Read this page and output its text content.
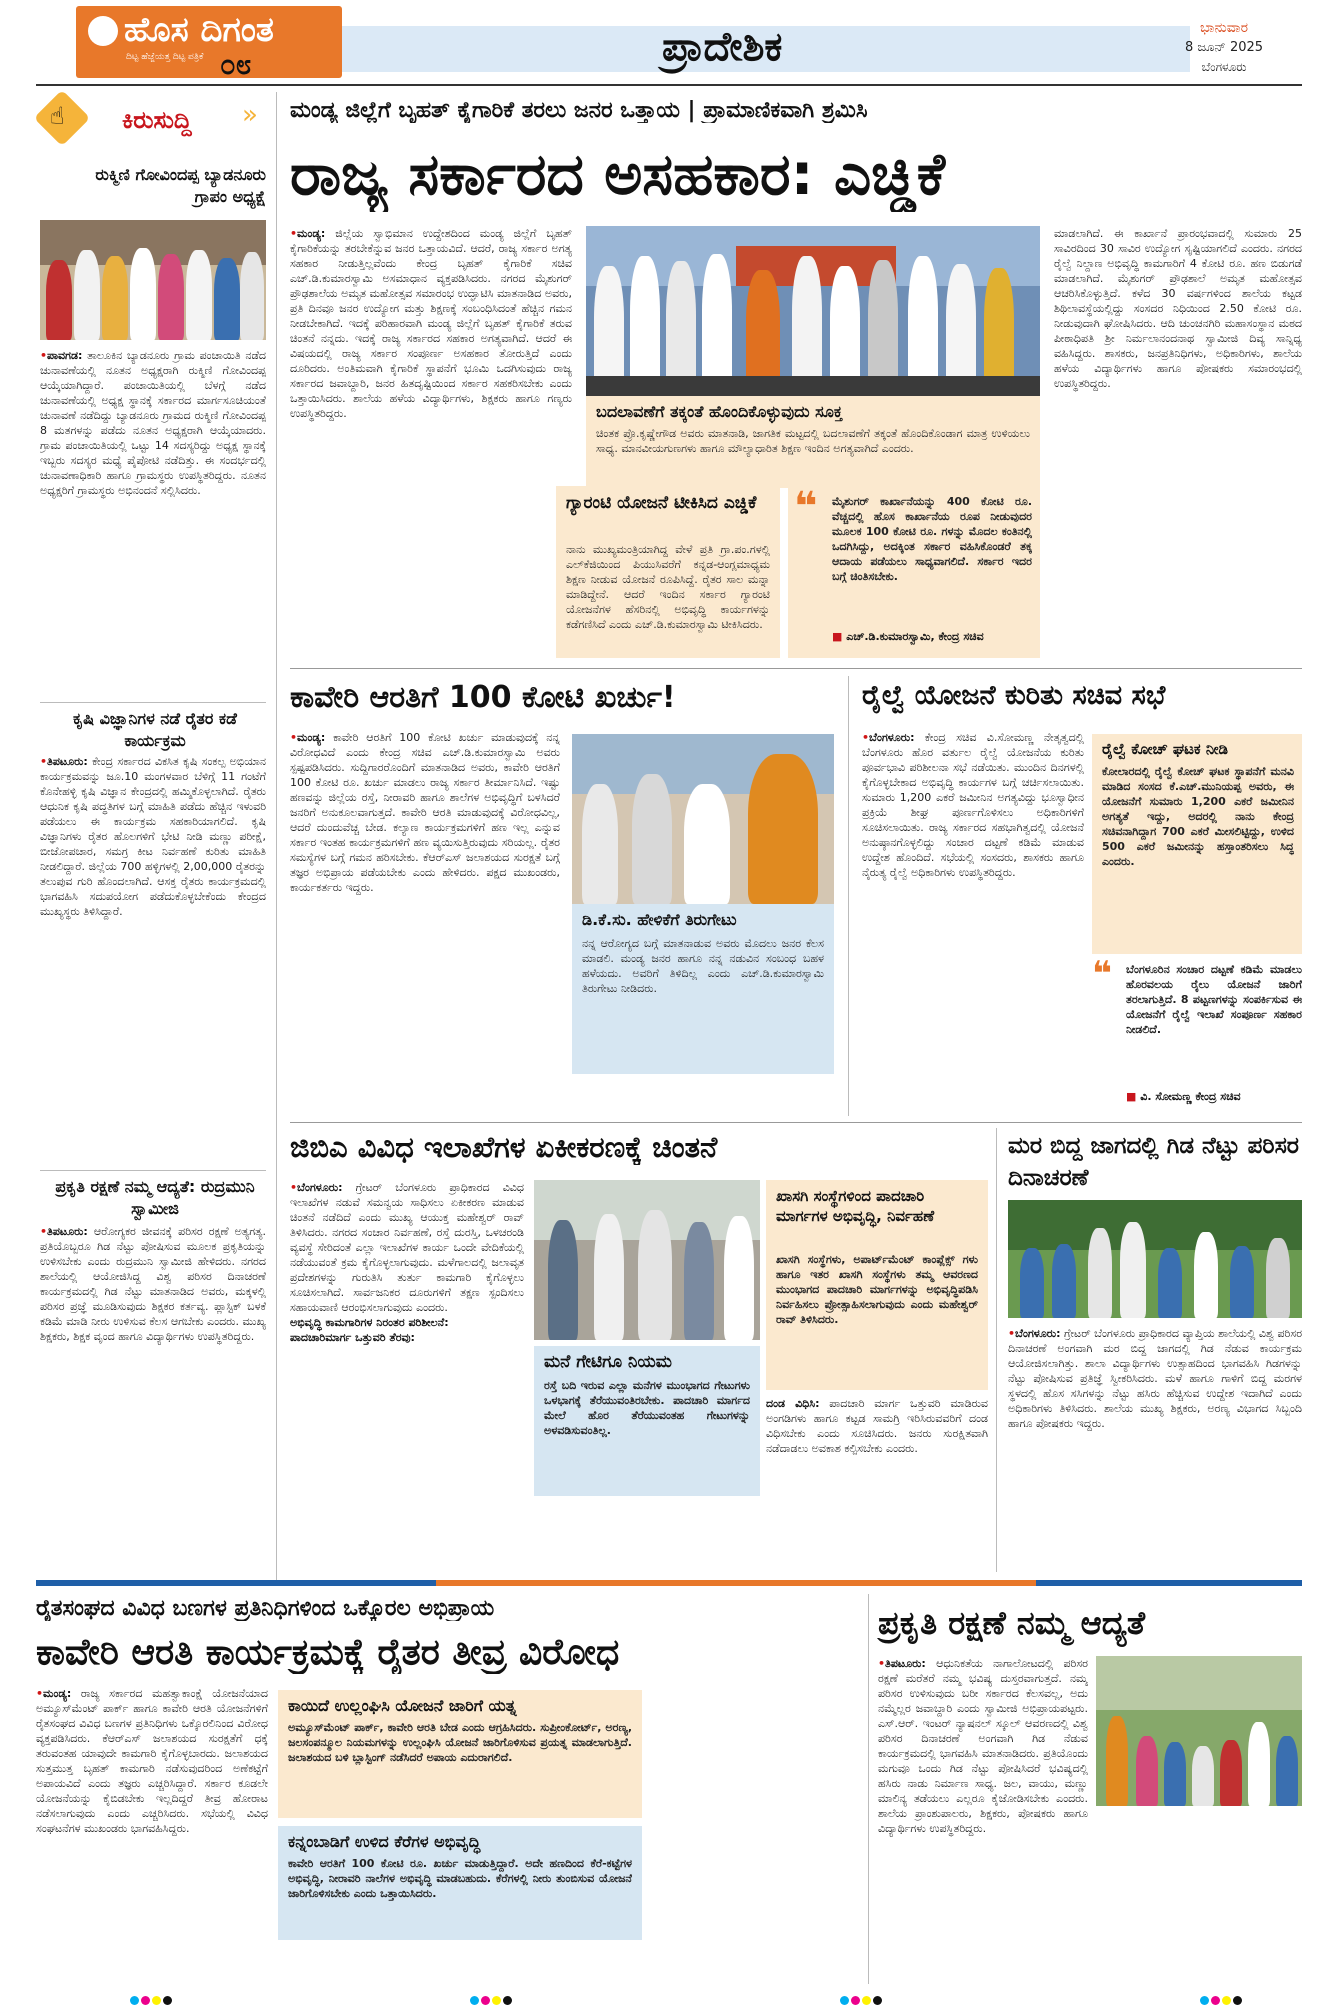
ಹೊಸ ದಿಗಂತ
ದಿಟ್ಟ ಹೆಜ್ಜೆಯತ್ತ ದಿಟ್ಟ ಪತ್ರಿಕೆ ೦೮	ಪ್ರಾದೇಶಿಕ	ಭಾನುವಾರ
8 ಜೂನ್ 2025
ಬೆಂಗಳೂರು
☝ ಕಿರುಸುದ್ದಿ »
ರುಕ್ಮಿಣಿ ಗೋವಿಂದಪ್ಪ ಬ್ಯಾಡನೂರು ಗ್ರಾಪಂ ಅಧ್ಯಕ್ಷೆ
•ಪಾವಗಡ: ತಾಲೂಕಿನ ಬ್ಯಾಡನೂರು ಗ್ರಾಮ ಪಂಚಾಯಿತಿ ನಡೆದ ಚುನಾವಣೆಯಲ್ಲಿ ನೂತನ ಅಧ್ಯಕ್ಷರಾಗಿ ರುಕ್ಮಿಣಿ ಗೋವಿಂದಪ್ಪ ಆಯ್ಕೆಯಾಗಿದ್ದಾರೆ. ಪಂಚಾಯಿತಿಯಲ್ಲಿ ಬೆಳಗ್ಗೆ ನಡೆದ ಚುನಾವಣೆಯಲ್ಲಿ ಅಧ್ಯಕ್ಷ ಸ್ಥಾನಕ್ಕೆ ಸರ್ಕಾರದ ಮಾರ್ಗಸೂಚಿಯಂತೆ ಚುನಾವಣೆ ನಡೆದಿದ್ದು ಬ್ಯಾಡನೂರು ಗ್ರಾಮದ ರುಕ್ಮಿಣಿ ಗೋವಿಂದಪ್ಪ 8 ಮತಗಳನ್ನು ಪಡೆದು ನೂತನ ಅಧ್ಯಕ್ಷರಾಗಿ ಆಯ್ಕೆಯಾದರು. ಗ್ರಾಮ ಪಂಚಾಯಿತಿಯಲ್ಲಿ ಒಟ್ಟು 14 ಸದಸ್ಯರಿದ್ದು ಅಧ್ಯಕ್ಷ ಸ್ಥಾನಕ್ಕೆ ಇಬ್ಬರು ಸದಸ್ಯರ ಮಧ್ಯೆ ಪೈಪೋಟಿ ನಡೆದಿತ್ತು. ಈ ಸಂದರ್ಭದಲ್ಲಿ ಚುನಾವಣಾಧಿಕಾರಿ ಹಾಗೂ ಗ್ರಾಮಸ್ಥರು ಉಪಸ್ಥಿತರಿದ್ದರು. ನೂತನ ಅಧ್ಯಕ್ಷರಿಗೆ ಗ್ರಾಮಸ್ಥರು ಅಭಿನಂದನೆ ಸಲ್ಲಿಸಿದರು.
ಕೃಷಿ ವಿಜ್ಞಾನಿಗಳ ನಡೆ ರೈತರ ಕಡೆ ಕಾರ್ಯಕ್ರಮ
•ತಿಪಟೂರು: ಕೇಂದ್ರ ಸರ್ಕಾರದ ವಿಕಸಿತ ಕೃಷಿ ಸಂಕಲ್ಪ ಅಭಿಯಾನ ಕಾರ್ಯಕ್ರಮವನ್ನು ಜೂ.10 ಮಂಗಳವಾರ ಬೆಳಿಗ್ಗೆ 11 ಗಂಟೆಗೆ ಕೊನೇಹಳ್ಳಿ ಕೃಷಿ ವಿಜ್ಞಾನ ಕೇಂದ್ರದಲ್ಲಿ ಹಮ್ಮಿಕೊಳ್ಳಲಾಗಿದೆ. ರೈತರು ಆಧುನಿಕ ಕೃಷಿ ಪದ್ಧತಿಗಳ ಬಗ್ಗೆ ಮಾಹಿತಿ ಪಡೆದು ಹೆಚ್ಚಿನ ಇಳುವರಿ ಪಡೆಯಲು ಈ ಕಾರ್ಯಕ್ರಮ ಸಹಕಾರಿಯಾಗಲಿದೆ. ಕೃಷಿ ವಿಜ್ಞಾನಿಗಳು ರೈತರ ಹೊಲಗಳಿಗೆ ಭೇಟಿ ನೀಡಿ ಮಣ್ಣು ಪರೀಕ್ಷೆ, ಬೀಜೋಪಚಾರ, ಸಮಗ್ರ ಕೀಟ ನಿರ್ವಹಣೆ ಕುರಿತು ಮಾಹಿತಿ ನೀಡಲಿದ್ದಾರೆ. ಜಿಲ್ಲೆಯ 700 ಹಳ್ಳಿಗಳಲ್ಲಿ 2,00,000 ರೈತರನ್ನು ತಲುಪುವ ಗುರಿ ಹೊಂದಲಾಗಿದೆ. ಆಸಕ್ತ ರೈತರು ಕಾರ್ಯಕ್ರಮದಲ್ಲಿ ಭಾಗವಹಿಸಿ ಸದುಪಯೋಗ ಪಡೆದುಕೊಳ್ಳಬೇಕೆಂದು ಕೇಂದ್ರದ ಮುಖ್ಯಸ್ಥರು ತಿಳಿಸಿದ್ದಾರೆ.
ಪ್ರಕೃತಿ ರಕ್ಷಣೆ ನಮ್ಮ ಆದ್ಯತೆ: ರುದ್ರಮುನಿ ಸ್ವಾಮೀಜಿ
•ತಿಪಟೂರು: ಆರೋಗ್ಯಕರ ಜೀವನಕ್ಕೆ ಪರಿಸರ ರಕ್ಷಣೆ ಅತ್ಯಗತ್ಯ. ಪ್ರತಿಯೊಬ್ಬರೂ ಗಿಡ ನೆಟ್ಟು ಪೋಷಿಸುವ ಮೂಲಕ ಪ್ರಕೃತಿಯನ್ನು ಉಳಿಸಬೇಕು ಎಂದು ರುದ್ರಮುನಿ ಸ್ವಾಮೀಜಿ ಹೇಳಿದರು. ನಗರದ ಶಾಲೆಯಲ್ಲಿ ಆಯೋಜಿಸಿದ್ದ ವಿಶ್ವ ಪರಿಸರ ದಿನಾಚರಣೆ ಕಾರ್ಯಕ್ರಮದಲ್ಲಿ ಗಿಡ ನೆಟ್ಟು ಮಾತನಾಡಿದ ಅವರು, ಮಕ್ಕಳಲ್ಲಿ ಪರಿಸರ ಪ್ರಜ್ಞೆ ಮೂಡಿಸುವುದು ಶಿಕ್ಷಕರ ಕರ್ತವ್ಯ. ಪ್ಲಾಸ್ಟಿಕ್ ಬಳಕೆ ಕಡಿಮೆ ಮಾಡಿ ನೀರು ಉಳಿಸುವ ಕೆಲಸ ಆಗಬೇಕು ಎಂದರು. ಮುಖ್ಯ ಶಿಕ್ಷಕರು, ಶಿಕ್ಷಕ ವೃಂದ ಹಾಗೂ ವಿದ್ಯಾರ್ಥಿಗಳು ಉಪಸ್ಥಿತರಿದ್ದರು.
ಮಂಡ್ಯ ಜಿಲ್ಲೆಗೆ ಬೃಹತ್ ಕೈಗಾರಿಕೆ ತರಲು ಜನರ ಒತ್ತಾಯ | ಪ್ರಾಮಾಣಿಕವಾಗಿ ಶ್ರಮಿಸಿ
ರಾಜ್ಯ ಸರ್ಕಾರದ ಅಸಹಕಾರ: ಎಚ್ಡಿಕೆ
•ಮಂಡ್ಯ: ಜಿಲ್ಲೆಯ ಸ್ವಾಭಿಮಾನ ಉದ್ದೇಶದಿಂದ ಮಂಡ್ಯ ಜಿಲ್ಲೆಗೆ ಬೃಹತ್ ಕೈಗಾರಿಕೆಯನ್ನು ತರಬೇಕೆನ್ನುವ ಜನರ ಒತ್ತಾಯವಿದೆ. ಆದರೆ, ರಾಜ್ಯ ಸರ್ಕಾರ ಅಗತ್ಯ ಸಹಕಾರ ನೀಡುತ್ತಿಲ್ಲವೆಂದು ಕೇಂದ್ರ ಬೃಹತ್ ಕೈಗಾರಿಕೆ ಸಚಿವ ಎಚ್.ಡಿ.ಕುಮಾರಸ್ವಾಮಿ ಅಸಮಾಧಾನ ವ್ಯಕ್ತಪಡಿಸಿದರು. ನಗರದ ಮೈಶುಗರ್ ಪ್ರೌಢಶಾಲೆಯ ಅಮೃತ ಮಹೋತ್ಸವ ಸಮಾರಂಭ ಉದ್ಘಾಟಿಸಿ ಮಾತನಾಡಿದ ಅವರು, ಪ್ರತಿ ದಿನವೂ ಜನರ ಉದ್ಯೋಗ ಮತ್ತು ಶಿಕ್ಷಣಕ್ಕೆ ಸಂಬಂಧಿಸಿದಂತೆ ಹೆಚ್ಚಿನ ಗಮನ ನೀಡಬೇಕಾಗಿದೆ. ಇದಕ್ಕೆ ಪರಿಹಾರವಾಗಿ ಮಂಡ್ಯ ಜಿಲ್ಲೆಗೆ ಬೃಹತ್ ಕೈಗಾರಿಕೆ ತರುವ ಚಿಂತನೆ ನನ್ನದು. ಇದಕ್ಕೆ ರಾಜ್ಯ ಸರ್ಕಾರದ ಸಹಕಾರ ಅಗತ್ಯವಾಗಿದೆ. ಆದರೆ ಈ ವಿಷಯದಲ್ಲಿ ರಾಜ್ಯ ಸರ್ಕಾರ ಸಂಪೂರ್ಣ ಅಸಹಕಾರ ತೋರುತ್ತಿದೆ ಎಂದು ದೂರಿದರು. ಅಂತಿಮವಾಗಿ ಕೈಗಾರಿಕೆ ಸ್ಥಾಪನೆಗೆ ಭೂಮಿ ಒದಗಿಸುವುದು ರಾಜ್ಯ ಸರ್ಕಾರದ ಜವಾಬ್ದಾರಿ, ಜನರ ಹಿತದೃಷ್ಟಿಯಿಂದ ಸರ್ಕಾರ ಸಹಕರಿಸಬೇಕು ಎಂದು ಒತ್ತಾಯಿಸಿದರು. ಶಾಲೆಯ ಹಳೆಯ ವಿದ್ಯಾರ್ಥಿಗಳು, ಶಿಕ್ಷಕರು ಹಾಗೂ ಗಣ್ಯರು ಉಪಸ್ಥಿತರಿದ್ದರು.	ಬದಲಾವಣೆಗೆ ತಕ್ಕಂತೆ ಹೊಂದಿಕೊಳ್ಳುವುದು ಸೂಕ್ತ
ಚಿಂತಕ ಪ್ರೊ.ಕೃಷ್ಣೇಗೌಡ ಅವರು ಮಾತನಾಡಿ, ಜಾಗತಿಕ ಮಟ್ಟದಲ್ಲಿ ಬದಲಾವಣೆಗೆ ತಕ್ಕಂತೆ ಹೊಂದಿಕೊಂಡಾಗ ಮಾತ್ರ ಉಳಿಯಲು ಸಾಧ್ಯ. ಮಾನವೀಯಗುಣಗಳು ಹಾಗೂ ಮೌಲ್ಯಾಧಾರಿತ ಶಿಕ್ಷಣ ಇಂದಿನ ಅಗತ್ಯವಾಗಿದೆ ಎಂದರು.
ಗ್ಯಾರಂಟಿ ಯೋಜನೆ ಟೀಕಿಸಿದ ಎಚ್ಡಿಕೆ
ನಾನು ಮುಖ್ಯಮಂತ್ರಿಯಾಗಿದ್ದ ವೇಳೆ ಪ್ರತಿ ಗ್ರಾ.ಪಂ.ಗಳಲ್ಲಿ ಎಲ್‌ಕೆಜಿಯಿಂದ ಪಿಯುಸಿವರೆಗೆ ಕನ್ನಡ-ಆಂಗ್ಲಮಾಧ್ಯಮ ಶಿಕ್ಷಣ ನೀಡುವ ಯೋಜನೆ ರೂಪಿಸಿದ್ದೆ. ರೈತರ ಸಾಲ ಮನ್ನಾ ಮಾಡಿದ್ದೇನೆ. ಆದರೆ ಇಂದಿನ ಸರ್ಕಾರ ಗ್ಯಾರಂಟಿ ಯೋಜನೆಗಳ ಹೆಸರಿನಲ್ಲಿ ಅಭಿವೃದ್ಧಿ ಕಾರ್ಯಗಳನ್ನು ಕಡೆಗಣಿಸಿದೆ ಎಂದು ಎಚ್.ಡಿ.ಕುಮಾರಸ್ವಾಮಿ ಟೀಕಿಸಿದರು.
❝ ಮೈಶುಗರ್ ಕಾರ್ಖಾನೆಯನ್ನು 400 ಕೋಟಿ ರೂ. ವೆಚ್ಚದಲ್ಲಿ ಹೊಸ ಕಾರ್ಖಾನೆಯ ರೂಪ ನೀಡುವುದರ ಮೂಲಕ 100 ಕೋಟಿ ರೂ. ಗಳನ್ನು ಮೊದಲ ಕಂತಿನಲ್ಲಿ ಒದಗಿಸಿದ್ದು, ಅದಕ್ಕಿಂತ ಸರ್ಕಾರ ವಹಿಸಿಕೊಂಡರೆ ತಕ್ಕ ಆದಾಯ ಪಡೆಯಲು ಸಾಧ್ಯವಾಗಲಿದೆ. ಸರ್ಕಾರ ಇದರ ಬಗ್ಗೆ ಚಿಂತಿಸಬೇಕು.
■ ಎಚ್.ಡಿ.ಕುಮಾರಸ್ವಾಮಿ, ಕೇಂದ್ರ ಸಚಿವ
ಮಾಡಲಾಗಿದೆ. ಈ ಕಾರ್ಖಾನೆ ಪ್ರಾರಂಭವಾದಲ್ಲಿ ಸುಮಾರು 25 ಸಾವಿರದಿಂದ 30 ಸಾವಿರ ಉದ್ಯೋಗ ಸೃಷ್ಟಿಯಾಗಲಿದೆ ಎಂದರು. ನಗರದ ರೈಲ್ವೆ ನಿಲ್ದಾಣ ಅಭಿವೃದ್ಧಿ ಕಾಮಗಾರಿಗೆ 4 ಕೋಟಿ ರೂ. ಹಣ ಬಿಡುಗಡೆ ಮಾಡಲಾಗಿದೆ. ಮೈಶುಗರ್ ಪ್ರೌಢಶಾಲೆ ಅಮೃತ ಮಹೋತ್ಸವ ಆಚರಿಸಿಕೊಳ್ಳುತ್ತಿದೆ. ಕಳೆದ 30 ವರ್ಷಗಳಿಂದ ಶಾಲೆಯ ಕಟ್ಟಡ ಶಿಥಿಲಾವಸ್ಥೆಯಲ್ಲಿದ್ದು ಸಂಸದರ ನಿಧಿಯಿಂದ 2.50 ಕೋಟಿ ರೂ. ನೀಡುವುದಾಗಿ ಘೋಷಿಸಿದರು. ಆದಿ ಚುಂಚನಗಿರಿ ಮಹಾಸಂಸ್ಥಾನ ಮಠದ ಪೀಠಾಧಿಪತಿ ಶ್ರೀ ನಿರ್ಮಲಾನಂದನಾಥ ಸ್ವಾಮೀಜಿ ದಿವ್ಯ ಸಾನ್ನಿಧ್ಯ ವಹಿಸಿದ್ದರು. ಶಾಸಕರು, ಜನಪ್ರತಿನಿಧಿಗಳು, ಅಧಿಕಾರಿಗಳು, ಶಾಲೆಯ ಹಳೆಯ ವಿದ್ಯಾರ್ಥಿಗಳು ಹಾಗೂ ಪೋಷಕರು ಸಮಾರಂಭದಲ್ಲಿ ಉಪಸ್ಥಿತರಿದ್ದರು.
ಕಾವೇರಿ ಆರತಿಗೆ 100 ಕೋಟಿ ಖರ್ಚು!
•ಮಂಡ್ಯ: ಕಾವೇರಿ ಆರತಿಗೆ 100 ಕೋಟಿ ಖರ್ಚು ಮಾಡುವುದಕ್ಕೆ ನನ್ನ ವಿರೋಧವಿದೆ ಎಂದು ಕೇಂದ್ರ ಸಚಿವ ಎಚ್.ಡಿ.ಕುಮಾರಸ್ವಾಮಿ ಅವರು ಸ್ಪಷ್ಟಪಡಿಸಿದರು. ಸುದ್ದಿಗಾರರೊಂದಿಗೆ ಮಾತನಾಡಿದ ಅವರು, ಕಾವೇರಿ ಆರತಿಗೆ 100 ಕೋಟಿ ರೂ. ಖರ್ಚು ಮಾಡಲು ರಾಜ್ಯ ಸರ್ಕಾರ ತೀರ್ಮಾನಿಸಿದೆ. ಇಷ್ಟು ಹಣವನ್ನು ಜಿಲ್ಲೆಯ ರಸ್ತೆ, ನೀರಾವರಿ ಹಾಗೂ ಶಾಲೆಗಳ ಅಭಿವೃದ್ಧಿಗೆ ಬಳಸಿದರೆ ಜನರಿಗೆ ಅನುಕೂಲವಾಗುತ್ತದೆ. ಕಾವೇರಿ ಆರತಿ ಮಾಡುವುದಕ್ಕೆ ವಿರೋಧವಿಲ್ಲ, ಆದರೆ ದುಂದುವೆಚ್ಚ ಬೇಡ. ಕಲ್ಯಾಣ ಕಾರ್ಯಕ್ರಮಗಳಿಗೆ ಹಣ ಇಲ್ಲ ಎನ್ನುವ ಸರ್ಕಾರ ಇಂತಹ ಕಾರ್ಯಕ್ರಮಗಳಿಗೆ ಹಣ ವ್ಯಯಿಸುತ್ತಿರುವುದು ಸರಿಯಲ್ಲ. ರೈತರ ಸಮಸ್ಯೆಗಳ ಬಗ್ಗೆ ಗಮನ ಹರಿಸಬೇಕು. ಕೆಆರ್‌ಎಸ್ ಜಲಾಶಯದ ಸುರಕ್ಷತೆ ಬಗ್ಗೆ ತಜ್ಞರ ಅಭಿಪ್ರಾಯ ಪಡೆಯಬೇಕು ಎಂದು ಹೇಳಿದರು. ಪಕ್ಷದ ಮುಖಂಡರು, ಕಾರ್ಯಕರ್ತರು ಇದ್ದರು.
ಡಿ.ಕೆ.ಸು. ಹೇಳಿಕೆಗೆ ತಿರುಗೇಟು
ನನ್ನ ಆರೋಗ್ಯದ ಬಗ್ಗೆ ಮಾತನಾಡುವ ಅವರು ಮೊದಲು ಜನರ ಕೆಲಸ ಮಾಡಲಿ. ಮಂಡ್ಯ ಜನರ ಹಾಗೂ ನನ್ನ ನಡುವಿನ ಸಂಬಂಧ ಬಹಳ ಹಳೆಯದು. ಅವರಿಗೆ ತಿಳಿದಿಲ್ಲ ಎಂದು ಎಚ್.ಡಿ.ಕುಮಾರಸ್ವಾಮಿ ತಿರುಗೇಟು ನೀಡಿದರು.
ರೈಲ್ವೆ ಯೋಜನೆ ಕುರಿತು ಸಚಿವ ಸಭೆ
•ಬೆಂಗಳೂರು: ಕೇಂದ್ರ ಸಚಿವ ವಿ.ಸೋಮಣ್ಣ ನೇತೃತ್ವದಲ್ಲಿ ಬೆಂಗಳೂರು ಹೊರ ವರ್ತುಲ ರೈಲ್ವೆ ಯೋಜನೆಯ ಕುರಿತು ಪೂರ್ವಭಾವಿ ಪರಿಶೀಲನಾ ಸಭೆ ನಡೆಯಿತು. ಮುಂದಿನ ದಿನಗಳಲ್ಲಿ ಕೈಗೊಳ್ಳಬೇಕಾದ ಅಭಿವೃದ್ಧಿ ಕಾರ್ಯಗಳ ಬಗ್ಗೆ ಚರ್ಚಿಸಲಾಯಿತು. ಸುಮಾರು 1,200 ಎಕರೆ ಜಮೀನಿನ ಅಗತ್ಯವಿದ್ದು ಭೂಸ್ವಾಧೀನ ಪ್ರಕ್ರಿಯೆ ಶೀಘ್ರ ಪೂರ್ಣಗೊಳಿಸಲು ಅಧಿಕಾರಿಗಳಿಗೆ ಸೂಚಿಸಲಾಯಿತು. ರಾಜ್ಯ ಸರ್ಕಾರದ ಸಹಭಾಗಿತ್ವದಲ್ಲಿ ಯೋಜನೆ ಅನುಷ್ಠಾನಗೊಳ್ಳಲಿದ್ದು ಸಂಚಾರ ದಟ್ಟಣೆ ಕಡಿಮೆ ಮಾಡುವ ಉದ್ದೇಶ ಹೊಂದಿದೆ. ಸಭೆಯಲ್ಲಿ ಸಂಸದರು, ಶಾಸಕರು ಹಾಗೂ ನೈರುತ್ಯ ರೈಲ್ವೆ ಅಧಿಕಾರಿಗಳು ಉಪಸ್ಥಿತರಿದ್ದರು.
ರೈಲ್ವೆ ಕೋಚ್ ಘಟಕ ನೀಡಿ
ಕೋಲಾರದಲ್ಲಿ ರೈಲ್ವೆ ಕೋಚ್ ಘಟಕ ಸ್ಥಾಪನೆಗೆ ಮನವಿ ಮಾಡಿದ ಸಂಸದ ಕೆ.ಎಚ್.ಮುನಿಯಪ್ಪ ಅವರು, ಈ ಯೋಜನೆಗೆ ಸುಮಾರು 1,200 ಎಕರೆ ಜಮೀನಿನ ಅಗತ್ಯತೆ ಇದ್ದು, ಅದರಲ್ಲಿ ನಾನು ಕೇಂದ್ರ ಸಚಿವನಾಗಿದ್ದಾಗ 700 ಎಕರೆ ಮೀಸಲಿಟ್ಟಿದ್ದು, ಉಳಿದ 500 ಎಕರೆ ಜಮೀನನ್ನು ಹಸ್ತಾಂತರಿಸಲು ಸಿದ್ಧ ಎಂದರು.
❝ ಬೆಂಗಳೂರಿನ ಸಂಚಾರ ದಟ್ಟಣೆ ಕಡಿಮೆ ಮಾಡಲು ಹೊರವಲಯ ರೈಲು ಯೋಜನೆ ಜಾರಿಗೆ ತರಲಾಗುತ್ತಿದೆ. 8 ಪಟ್ಟಣಗಳನ್ನು ಸಂಪರ್ಕಿಸುವ ಈ ಯೋಜನೆಗೆ ರೈಲ್ವೆ ಇಲಾಖೆ ಸಂಪೂರ್ಣ ಸಹಕಾರ ನೀಡಲಿದೆ.
■ ವಿ. ಸೋಮಣ್ಣ ಕೇಂದ್ರ ಸಚಿವ
ಜಿಬಿಎ ವಿವಿಧ ಇಲಾಖೆಗಳ ಏಕೀಕರಣಕ್ಕೆ ಚಿಂತನೆ
•ಬೆಂಗಳೂರು: ಗ್ರೇಟರ್ ಬೆಂಗಳೂರು ಪ್ರಾಧಿಕಾರದ ವಿವಿಧ ಇಲಾಖೆಗಳ ನಡುವೆ ಸಮನ್ವಯ ಸಾಧಿಸಲು ಏಕೀಕರಣ ಮಾಡುವ ಚಿಂತನೆ ನಡೆದಿದೆ ಎಂದು ಮುಖ್ಯ ಆಯುಕ್ತ ಮಹೇಶ್ವರ್ ರಾವ್ ತಿಳಿಸಿದರು. ನಗರದ ಸಂಚಾರ ನಿರ್ವಹಣೆ, ರಸ್ತೆ ದುರಸ್ತಿ, ಒಳಚರಂಡಿ ವ್ಯವಸ್ಥೆ ಸೇರಿದಂತೆ ಎಲ್ಲಾ ಇಲಾಖೆಗಳ ಕಾರ್ಯ ಒಂದೇ ವೇದಿಕೆಯಲ್ಲಿ ನಡೆಯುವಂತೆ ಕ್ರಮ ಕೈಗೊಳ್ಳಲಾಗುವುದು. ಮಳೆಗಾಲದಲ್ಲಿ ಜಲಾವೃತ ಪ್ರದೇಶಗಳನ್ನು ಗುರುತಿಸಿ ತುರ್ತು ಕಾಮಗಾರಿ ಕೈಗೊಳ್ಳಲು ಸೂಚಿಸಲಾಗಿದೆ. ಸಾರ್ವಜನಿಕರ ದೂರುಗಳಿಗೆ ತಕ್ಷಣ ಸ್ಪಂದಿಸಲು ಸಹಾಯವಾಣಿ ಆರಂಭಿಸಲಾಗುವುದು ಎಂದರು.
ಅಭಿವೃದ್ಧಿ ಕಾಮಗಾರಿಗಳ ನಿರಂತರ ಪರಿಶೀಲನೆ:
ಪಾದಚಾರಿಮಾರ್ಗ ಒತ್ತುವರಿ ತೆರವು:
ಮನೆ ಗೇಟಿಗೂ ನಿಯಮ
ರಸ್ತೆ ಬದಿ ಇರುವ ಎಲ್ಲಾ ಮನೆಗಳ ಮುಂಭಾಗದ ಗೇಟುಗಳು ಒಳಭಾಗಕ್ಕೆ ತೆರೆಯುವಂತಿರಬೇಕು. ಪಾದಚಾರಿ ಮಾರ್ಗದ ಮೇಲೆ ಹೊರ ತೆರೆಯುವಂತಹ ಗೇಟುಗಳನ್ನು ಅಳವಡಿಸುವಂತಿಲ್ಲ.
ಖಾಸಗಿ ಸಂಸ್ಥೆಗಳಿಂದ ಪಾದಚಾರಿ ಮಾರ್ಗಗಳ ಅಭಿವೃದ್ಧಿ, ನಿರ್ವಹಣೆ
ಖಾಸಗಿ ಸಂಸ್ಥೆಗಳು, ಅಪಾರ್ಟ್‌ಮೆಂಟ್ ಕಾಂಪ್ಲೆಕ್ಸ್ ಗಳು ಹಾಗೂ ಇತರ ಖಾಸಗಿ ಸಂಸ್ಥೆಗಳು ತಮ್ಮ ಆವರಣದ ಮುಂಭಾಗದ ಪಾದಚಾರಿ ಮಾರ್ಗಗಳನ್ನು ಅಭಿವೃದ್ಧಿಪಡಿಸಿ ನಿರ್ವಹಿಸಲು ಪ್ರೋತ್ಸಾಹಿಸಲಾಗುವುದು ಎಂದು ಮಹೇಶ್ವರ್ ರಾವ್ ತಿಳಿಸಿದರು.
ದಂಡ ವಿಧಿಸಿ: ಪಾದಚಾರಿ ಮಾರ್ಗ ಒತ್ತುವರಿ ಮಾಡಿರುವ ಅಂಗಡಿಗಳು ಹಾಗೂ ಕಟ್ಟಡ ಸಾಮಗ್ರಿ ಇರಿಸಿರುವವರಿಗೆ ದಂಡ ವಿಧಿಸಬೇಕು ಎಂದು ಸೂಚಿಸಿದರು. ಜನರು ಸುರಕ್ಷಿತವಾಗಿ ನಡೆದಾಡಲು ಅವಕಾಶ ಕಲ್ಪಿಸಬೇಕು ಎಂದರು.
ಮರ ಬಿದ್ದ ಜಾಗದಲ್ಲಿ ಗಿಡ ನೆಟ್ಟು ಪರಿಸರ ದಿನಾಚರಣೆ
•ಬೆಂಗಳೂರು: ಗ್ರೇಟರ್ ಬೆಂಗಳೂರು ಪ್ರಾಧಿಕಾರದ ವ್ಯಾಪ್ತಿಯ ಶಾಲೆಯಲ್ಲಿ ವಿಶ್ವ ಪರಿಸರ ದಿನಾಚರಣೆ ಅಂಗವಾಗಿ ಮರ ಬಿದ್ದ ಜಾಗದಲ್ಲಿ ಗಿಡ ನೆಡುವ ಕಾರ್ಯಕ್ರಮ ಆಯೋಜಿಸಲಾಗಿತ್ತು. ಶಾಲಾ ವಿದ್ಯಾರ್ಥಿಗಳು ಉತ್ಸಾಹದಿಂದ ಭಾಗವಹಿಸಿ ಗಿಡಗಳನ್ನು ನೆಟ್ಟು ಪೋಷಿಸುವ ಪ್ರತಿಜ್ಞೆ ಸ್ವೀಕರಿಸಿದರು. ಮಳೆ ಹಾಗೂ ಗಾಳಿಗೆ ಬಿದ್ದ ಮರಗಳ ಸ್ಥಳದಲ್ಲಿ ಹೊಸ ಸಸಿಗಳನ್ನು ನೆಟ್ಟು ಹಸಿರು ಹೆಚ್ಚಿಸುವ ಉದ್ದೇಶ ಇದಾಗಿದೆ ಎಂದು ಅಧಿಕಾರಿಗಳು ತಿಳಿಸಿದರು. ಶಾಲೆಯ ಮುಖ್ಯ ಶಿಕ್ಷಕರು, ಅರಣ್ಯ ವಿಭಾಗದ ಸಿಬ್ಬಂದಿ ಹಾಗೂ ಪೋಷಕರು ಇದ್ದರು.
ರೈತಸಂಘದ ವಿವಿಧ ಬಣಗಳ ಪ್ರತಿನಿಧಿಗಳಿಂದ ಒಕ್ಕೊರಲ ಅಭಿಪ್ರಾಯ
ಕಾವೇರಿ ಆರತಿ ಕಾರ್ಯಕ್ರಮಕ್ಕೆ ರೈತರ ತೀವ್ರ ವಿರೋಧ
•ಮಂಡ್ಯ: ರಾಜ್ಯ ಸರ್ಕಾರದ ಮಹತ್ವಾಕಾಂಕ್ಷೆ ಯೋಜನೆಯಾದ ಅಮ್ಯೂಸ್‌ಮೆಂಟ್ ಪಾರ್ಕ್ ಹಾಗೂ ಕಾವೇರಿ ಆರತಿ ಯೋಜನೆಗಳಿಗೆ ರೈತಸಂಘದ ವಿವಿಧ ಬಣಗಳ ಪ್ರತಿನಿಧಿಗಳು ಒಕ್ಕೊರಲಿನಿಂದ ವಿರೋಧ ವ್ಯಕ್ತಪಡಿಸಿದರು. ಕೆಆರ್‌ಎಸ್ ಜಲಾಶಯದ ಸುರಕ್ಷತೆಗೆ ಧಕ್ಕೆ ತರುವಂತಹ ಯಾವುದೇ ಕಾಮಗಾರಿ ಕೈಗೊಳ್ಳಬಾರದು. ಜಲಾಶಯದ ಸುತ್ತಮುತ್ತ ಬೃಹತ್ ಕಾಮಗಾರಿ ನಡೆಸುವುದರಿಂದ ಅಣೆಕಟ್ಟೆಗೆ ಅಪಾಯವಿದೆ ಎಂದು ತಜ್ಞರು ಎಚ್ಚರಿಸಿದ್ದಾರೆ. ಸರ್ಕಾರ ಕೂಡಲೇ ಯೋಜನೆಯನ್ನು ಕೈಬಿಡಬೇಕು ಇಲ್ಲದಿದ್ದರೆ ತೀವ್ರ ಹೋರಾಟ ನಡೆಸಲಾಗುವುದು ಎಂದು ಎಚ್ಚರಿಸಿದರು. ಸಭೆಯಲ್ಲಿ ವಿವಿಧ ಸಂಘಟನೆಗಳ ಮುಖಂಡರು ಭಾಗವಹಿಸಿದ್ದರು.
ಕಾಯಿದೆ ಉಲ್ಲಂಘಿಸಿ ಯೋಜನೆ ಜಾರಿಗೆ ಯತ್ನ
ಅಮ್ಯೂಸ್‌ಮೆಂಟ್ ಪಾರ್ಕ್, ಕಾವೇರಿ ಆರತಿ ಬೇಡ ಎಂದು ಆಗ್ರಹಿಸಿದರು. ಸುಪ್ರೀಂಕೋರ್ಟ್, ಅರಣ್ಯ, ಜಲಸಂಪನ್ಮೂಲ ನಿಯಮಗಳನ್ನು ಉಲ್ಲಂಘಿಸಿ ಯೋಜನೆ ಜಾರಿಗೊಳಿಸುವ ಪ್ರಯತ್ನ ಮಾಡಲಾಗುತ್ತಿದೆ. ಜಲಾಶಯದ ಬಳಿ ಬ್ಲಾಸ್ಟಿಂಗ್ ನಡೆಸಿದರೆ ಅಪಾಯ ಎದುರಾಗಲಿದೆ.
ಕನ್ನಂಬಾಡಿಗೆ ಉಳಿದ ಕೆರೆಗಳ ಅಭಿವೃದ್ಧಿ
ಕಾವೇರಿ ಆರತಿಗೆ 100 ಕೋಟಿ ರೂ. ಖರ್ಚು ಮಾಡುತ್ತಿದ್ದಾರೆ. ಅದೇ ಹಣದಿಂದ ಕೆರೆ-ಕಟ್ಟೆಗಳ ಅಭಿವೃದ್ಧಿ, ನೀರಾವರಿ ನಾಲೆಗಳ ಅಭಿವೃದ್ಧಿ ಮಾಡಬಹುದು. ಕೆರೆಗಳಲ್ಲಿ ನೀರು ತುಂಬಿಸುವ ಯೋಜನೆ ಜಾರಿಗೊಳಿಸಬೇಕು ಎಂದು ಒತ್ತಾಯಿಸಿದರು.
ಪ್ರಕೃತಿ ರಕ್ಷಣೆ ನಮ್ಮ ಆದ್ಯತೆ
•ತಿಪಟೂರು: ಆಧುನಿಕತೆಯ ನಾಗಾಲೋಟದಲ್ಲಿ ಪರಿಸರ ರಕ್ಷಣೆ ಮರೆತರೆ ನಮ್ಮ ಭವಿಷ್ಯ ದುಸ್ತರವಾಗುತ್ತದೆ. ನಮ್ಮ ಪರಿಸರ ಉಳಿಸುವುದು ಬರೀ ಸರ್ಕಾರದ ಕೆಲಸವಲ್ಲ, ಅದು ನಮ್ಮೆಲ್ಲರ ಜವಾಬ್ದಾರಿ ಎಂದು ಸ್ವಾಮೀಜಿ ಅಭಿಪ್ರಾಯಪಟ್ಟರು. ಎಸ್.ಆರ್. ಇಂಟರ್ ನ್ಯಾಷನಲ್ ಸ್ಕೂಲ್ ಆವರಣದಲ್ಲಿ ವಿಶ್ವ ಪರಿಸರ ದಿನಾಚರಣೆ ಅಂಗವಾಗಿ ಗಿಡ ನೆಡುವ ಕಾರ್ಯಕ್ರಮದಲ್ಲಿ ಭಾಗವಹಿಸಿ ಮಾತನಾಡಿದರು. ಪ್ರತಿಯೊಂದು ಮಗುವೂ ಒಂದು ಗಿಡ ನೆಟ್ಟು ಪೋಷಿಸಿದರೆ ಭವಿಷ್ಯದಲ್ಲಿ ಹಸಿರು ನಾಡು ನಿರ್ಮಾಣ ಸಾಧ್ಯ. ಜಲ, ವಾಯು, ಮಣ್ಣು ಮಾಲಿನ್ಯ ತಡೆಯಲು ಎಲ್ಲರೂ ಕೈಜೋಡಿಸಬೇಕು ಎಂದರು. ಶಾಲೆಯ ಪ್ರಾಂಶುಪಾಲರು, ಶಿಕ್ಷಕರು, ಪೋಷಕರು ಹಾಗೂ ವಿದ್ಯಾರ್ಥಿಗಳು ಉಪಸ್ಥಿತರಿದ್ದರು.
